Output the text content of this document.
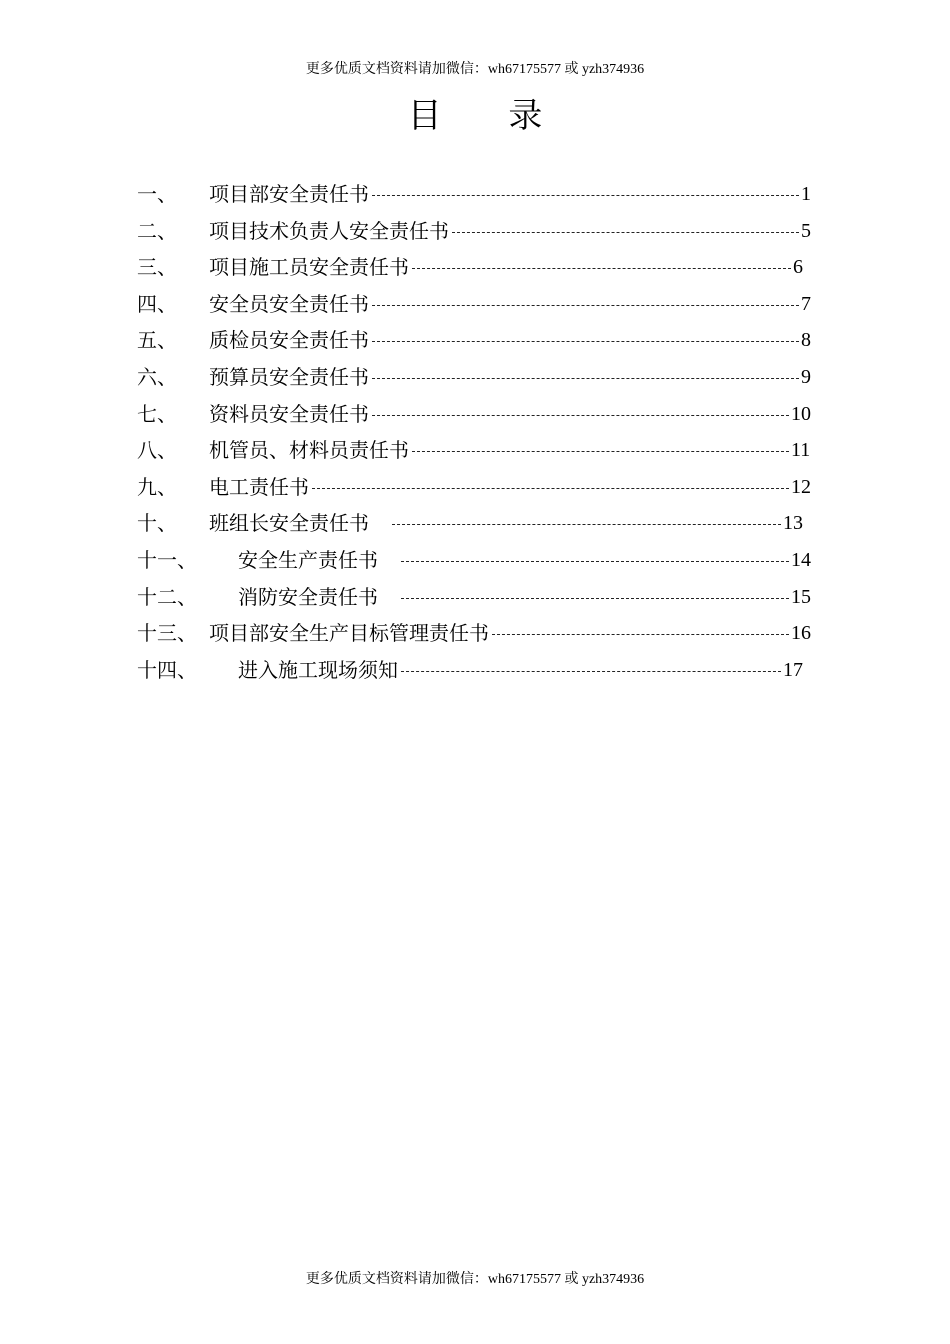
更多优质文档资料请加微信：wh67175577 或 yzh374936
目 录
一、 项目部安全责任书	1
二、 项目技术负责人安全责任书	5
三、 项目施工员安全责任书	6
四、 安全员安全责任书	7
五、 质检员安全责任书	8
六、 预算员安全责任书	9
七、 资料员安全责任书	10
八、 机管员、材料员责任书	11
九、 电工责任书	12
十、 班组长安全责任书	13
十一、 安全生产责任书	14
十二、 消防安全责任书	15
十三、 项目部安全生产目标管理责任书	16
十四、 进入施工现场须知	17
更多优质文档资料请加微信：wh67175577 或 yzh374936
